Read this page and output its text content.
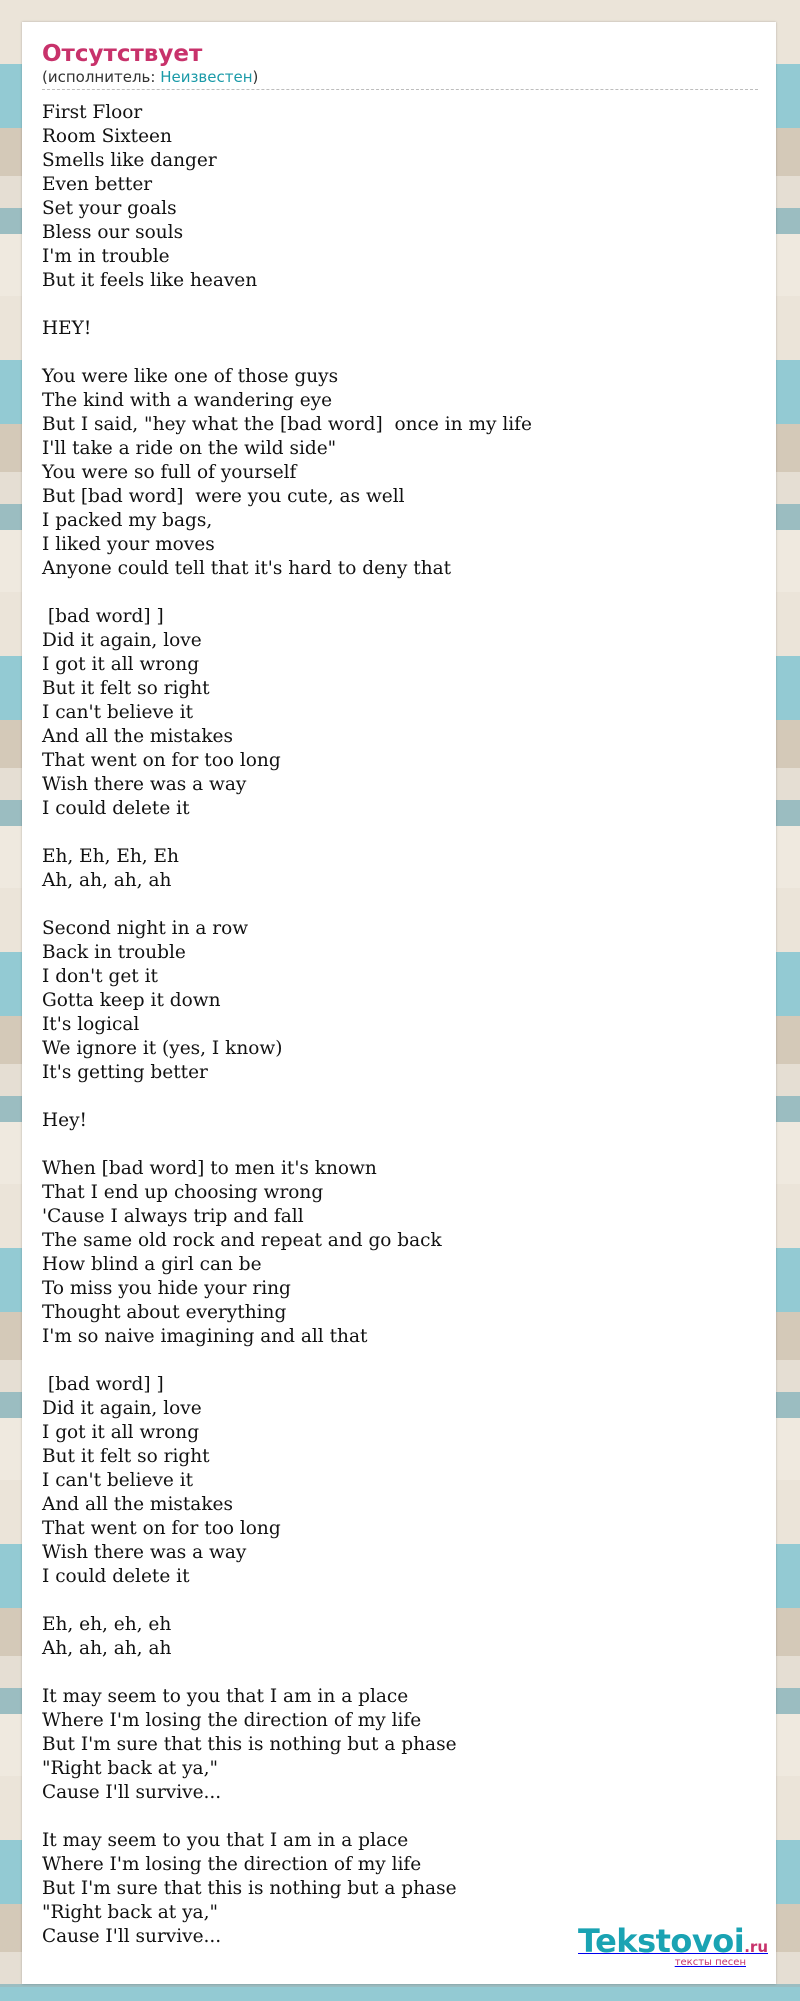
Отсутствует
(исполнитель: Неизвестен)
First Floor
Room Sixteen
Smells like danger
Even better
Set your goals
Bless our souls
I'm in trouble
But it feels like heaven

HEY!

You were like one of those guys
The kind with a wandering eye
But I said, "hey what the [bad word]  once in my life
I'll take a ride on the wild side"
You were so full of yourself
But [bad word]  were you cute, as well
I packed my bags,
I liked your moves
Anyone could tell that it's hard to deny that

[bad word] ]
Did it again, love
I got it all wrong
But it felt so right
I can't believe it
And all the mistakes
That went on for too long
Wish there was a way
I could delete it

Eh, Eh, Eh, Eh
Ah, ah, ah, ah

Second night in a row
Back in trouble
I don't get it
Gotta keep it down
It's logical
We ignore it (yes, I know)
It's getting better

Hey!

When [bad word] to men it's known
That I end up choosing wrong
'Cause I always trip and fall
The same old rock and repeat and go back
How blind a girl can be
To miss you hide your ring
Thought about everything
I'm so naive imagining and all that

[bad word] ]
Did it again, love
I got it all wrong
But it felt so right
I can't believe it
And all the mistakes
That went on for too long
Wish there was a way
I could delete it

Eh, eh, eh, eh
Ah, ah, ah, ah

It may seem to you that I am in a place
Where I'm losing the direction of my life
But I'm sure that this is nothing but a phase
"Right back at ya,"
Cause I'll survive...

It may seem to you that I am in a place
Where I'm losing the direction of my life
But I'm sure that this is nothing but a phase
"Right back at ya,"
Cause I'll survive...	Tekstovoi.ru
тексты песен
